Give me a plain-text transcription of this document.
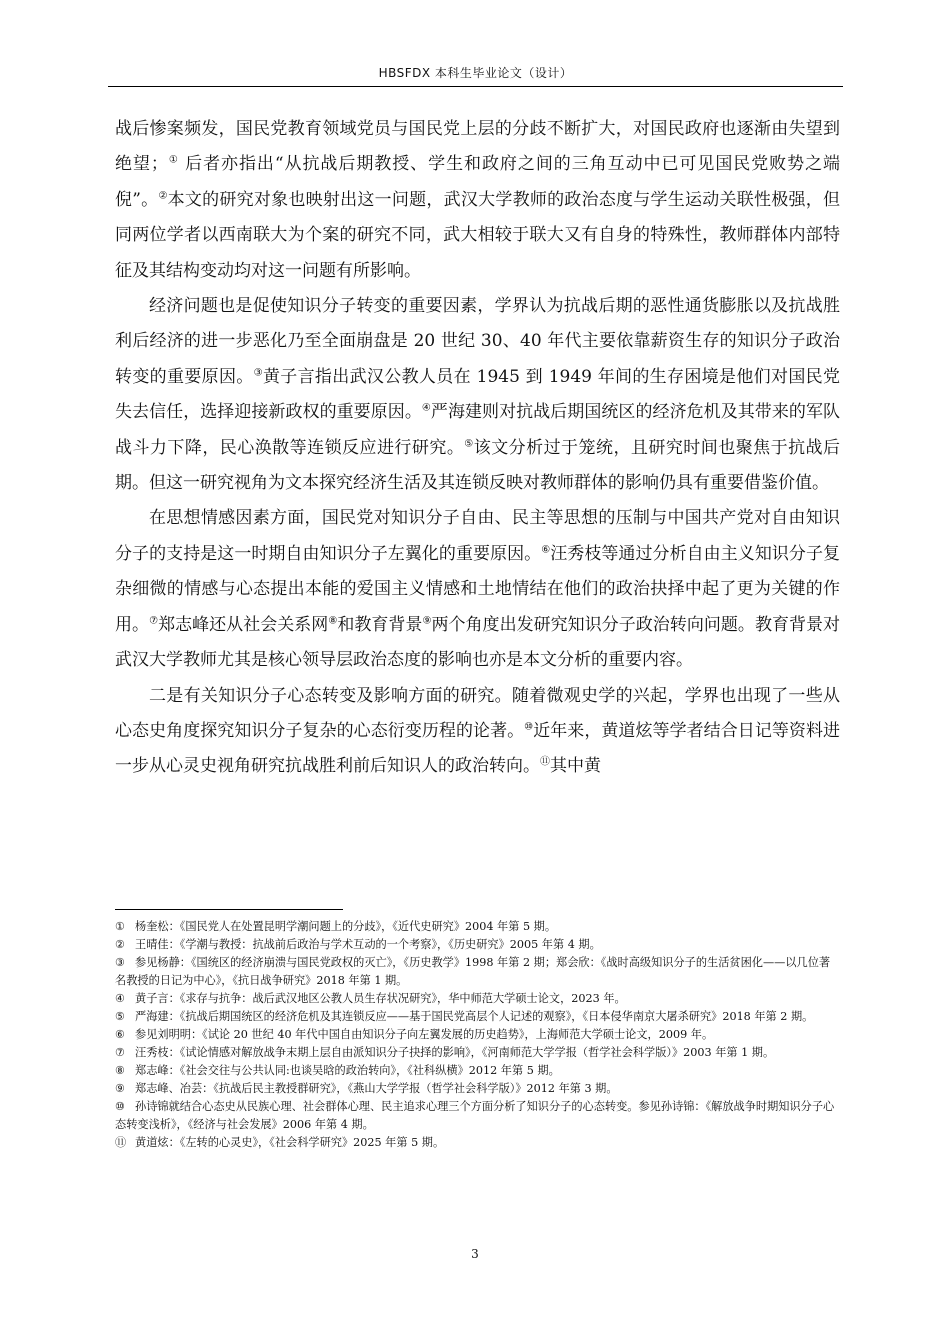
HBSFDX 本科生毕业论文（设计）

战后惨案频发，国民党教育领域党员与国民党上层的分歧不断扩大，对国民政府也逐渐由失望到绝望；① 后者亦指出“从抗战后期教授、学生和政府之间的三角互动中已可见国民党败势之端倪”。②本文的研究对象也映射出这一问题，武汉大学教师的政治态度与学生运动关联性极强，但同两位学者以西南联大为个案的研究不同，武大相较于联大又有自身的特殊性，教师群体内部特征及其结构变动均对这一问题有所影响。

经济问题也是促使知识分子转变的重要因素，学界认为抗战后期的恶性通货膨胀以及抗战胜利后经济的进一步恶化乃至全面崩盘是 20 世纪 30、40 年代主要依靠薪资生存的知识分子政治转变的重要原因。③黄子言指出武汉公教人员在 1945 到 1949 年间的生存困境是他们对国民党失去信任，选择迎接新政权的重要原因。④严海建则对抗战后期国统区的经济危机及其带来的军队战斗力下降，民心涣散等连锁反应进行研究。⑤该文分析过于笼统，且研究时间也聚焦于抗战后期。但这一研究视角为文本探究经济生活及其连锁反映对教师群体的影响仍具有重要借鉴价值。

在思想情感因素方面，国民党对知识分子自由、民主等思想的压制与中国共产党对自由知识分子的支持是这一时期自由知识分子左翼化的重要原因。⑥汪秀枝等通过分析自由主义知识分子复杂细微的情感与心态提出本能的爱国主义情感和土地情结在他们的政治抉择中起了更为关键的作用。⑦郑志峰还从社会关系网⑧和教育背景⑨两个角度出发研究知识分子政治转向问题。教育背景对武汉大学教师尤其是核心领导层政治态度的影响也亦是本文分析的重要内容。

二是有关知识分子心态转变及影响方面的研究。随着微观史学的兴起，学界也出现了一些从心态史角度探究知识分子复杂的心态衍变历程的论著。⑩近年来，黄道炫等学者结合日记等资料进一步从心灵史视角研究抗战胜利前后知识人的政治转向。⑪其中黄

① 杨奎松：《国民党人在处置昆明学潮问题上的分歧》，《近代史研究》2004 年第 5 期。
② 王晴佳：《学潮与教授：抗战前后政治与学术互动的一个考察》，《历史研究》2005 年第 4 期。
③ 参见杨静：《国统区的经济崩溃与国民党政权的灭亡》，《历史教学》1998 年第 2 期；郑会欣：《战时高级知识分子的生活贫困化——以几位著名教授的日记为中心》，《抗日战争研究》2018 年第 1 期。
④ 黄子言：《求存与抗争：战后武汉地区公教人员生存状况研究》，华中师范大学硕士论文，2023 年。
⑤ 严海建：《抗战后期国统区的经济危机及其连锁反应——基于国民党高层个人记述的观察》，《日本侵华南京大屠杀研究》2018 年第 2 期。
⑥ 参见刘明明：《试论 20 世纪 40 年代中国自由知识分子向左翼发展的历史趋势》，上海师范大学硕士论文，2009 年。
⑦ 汪秀枝：《试论情感对解放战争末期上层自由派知识分子抉择的影响》，《河南师范大学学报（哲学社会科学版）》2003 年第 1 期。
⑧ 郑志峰：《社会交往与公共认同:也谈吴晗的政治转向》，《社科纵横》2012 年第 5 期。
⑨ 郑志峰、冶芸：《抗战后民主教授群研究》，《燕山大学学报（哲学社会科学版）》2012 年第 3 期。
⑩ 孙诗锦就结合心态史从民族心理、社会群体心理、民主追求心理三个方面分析了知识分子的心态转变。参见孙诗锦：《解放战争时期知识分子心态转变浅析》，《经济与社会发展》2006 年第 4 期。
⑪ 黄道炫：《左转的心灵史》，《社会科学研究》2025 年第 5 期。
3
